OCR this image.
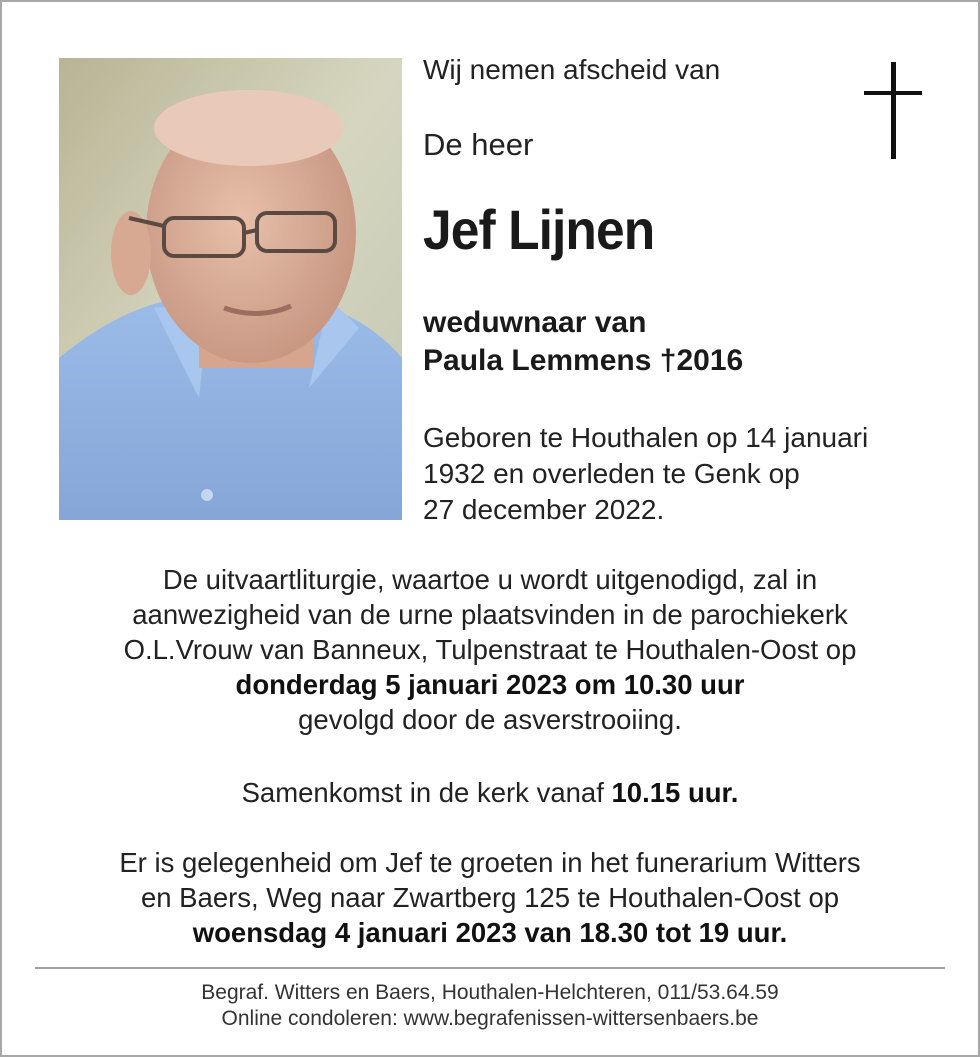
Wij nemen afscheid van
De heer
Jef Lijnen
weduwnaar van
Paula Lemmens †2016
Geboren te Houthalen op 14 januari
1932 en overleden te Genk op
27 december 2022.
De uitvaartliturgie, waartoe u wordt uitgenodigd, zal in
aanwezigheid van de urne plaatsvinden in de parochiekerk
O.L.Vrouw van Banneux, Tulpenstraat te Houthalen-Oost op
donderdag 5 januari 2023 om 10.30 uur
gevolgd door de asverstrooiing.
Samenkomst in de kerk vanaf 10.15 uur.
Er is gelegenheid om Jef te groeten in het funerarium Witters
en Baers, Weg naar Zwartberg 125 te Houthalen-Oost op
woensdag 4 januari 2023 van 18.30 tot 19 uur.
Begraf. Witters en Baers, Houthalen-Helchteren, 011/53.64.59
Online condoleren: www.begrafenissen-wittersenbaers.be
